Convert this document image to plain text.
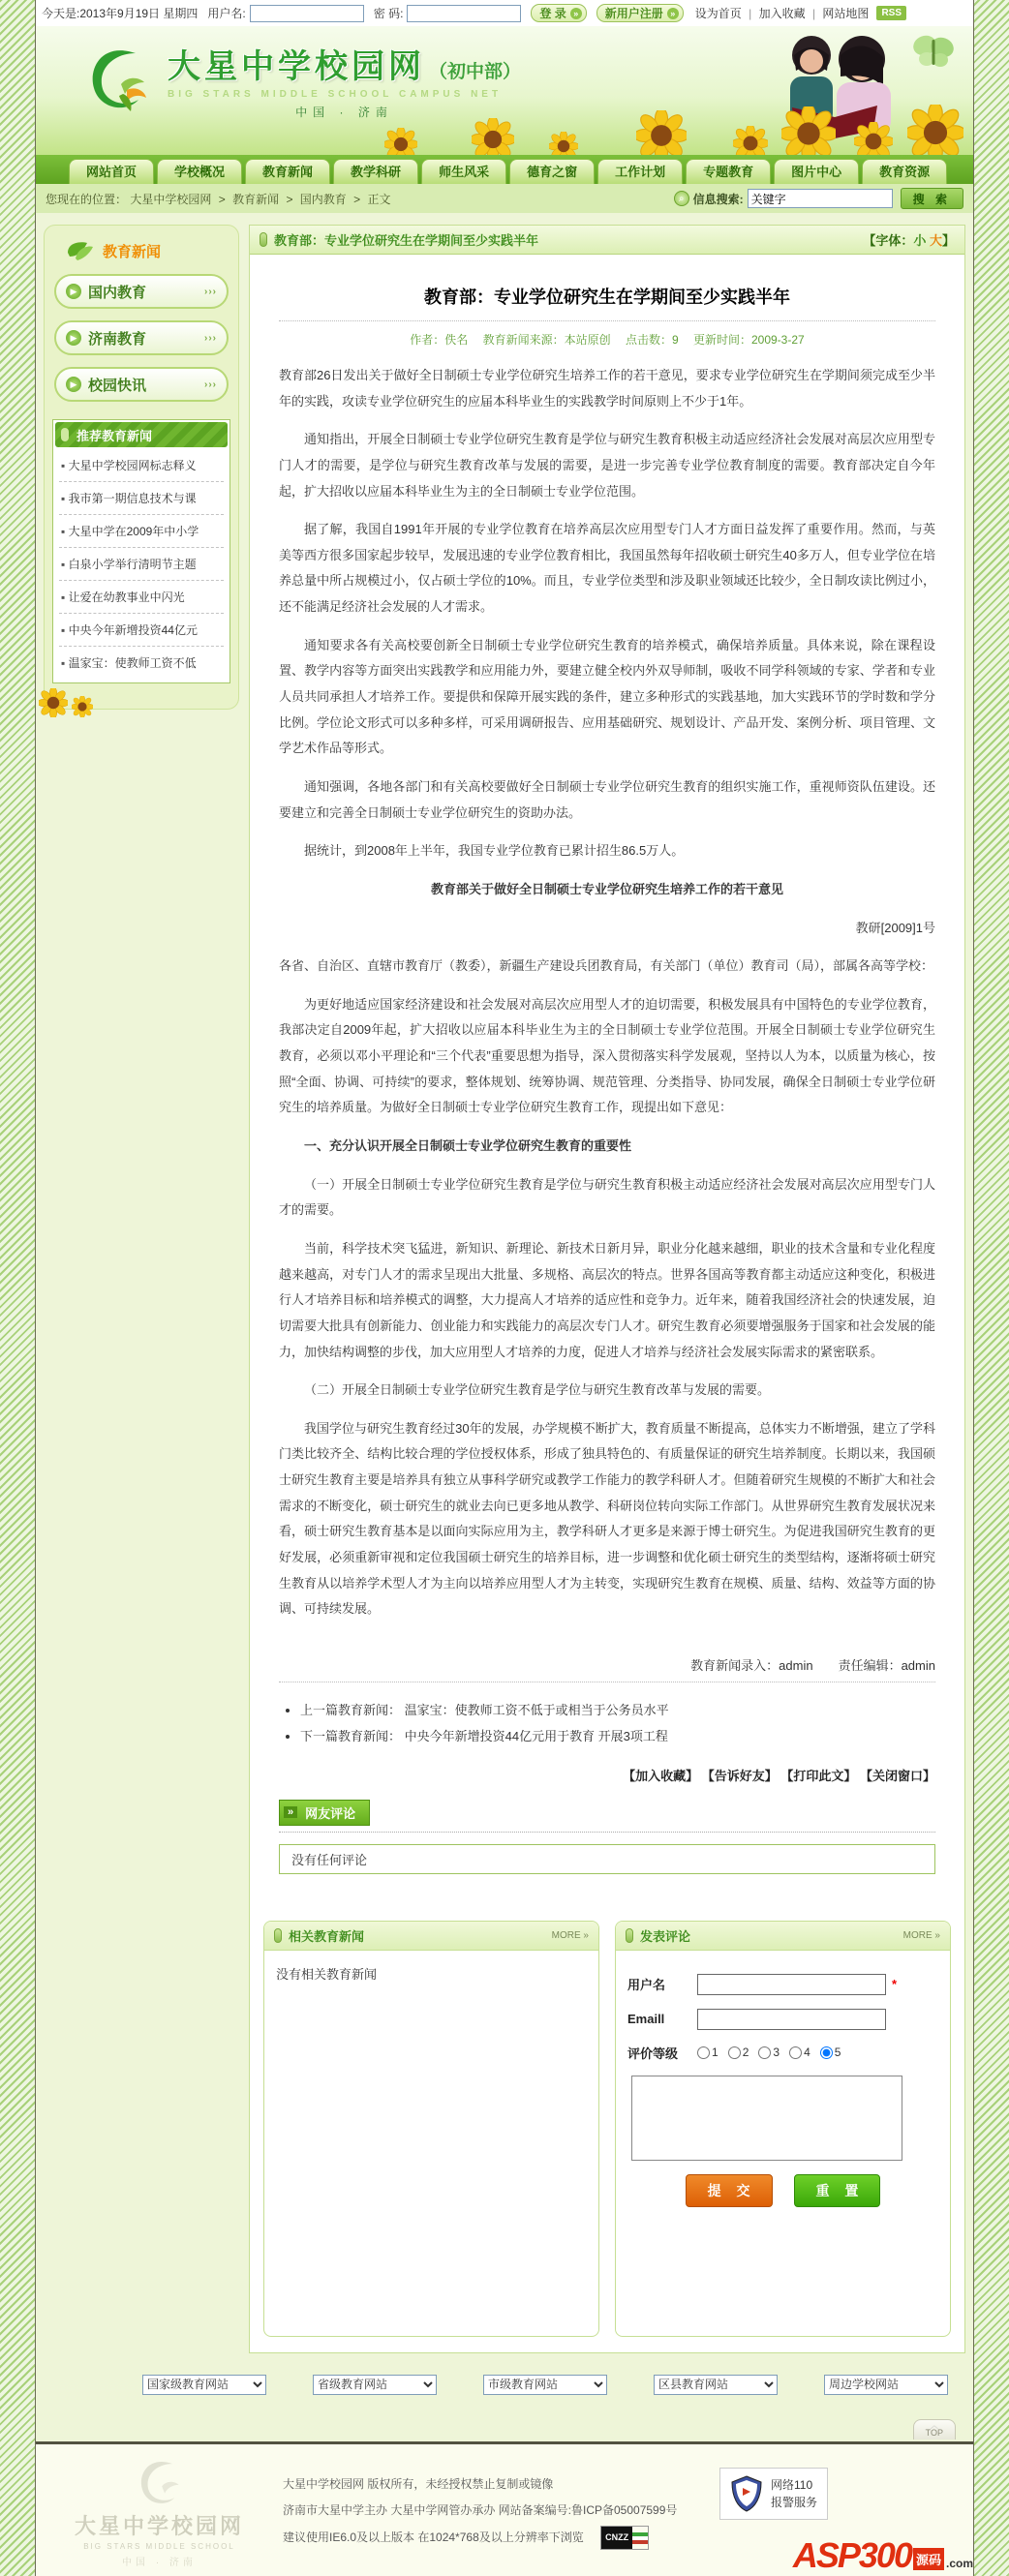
今天是:2013年9月19日 星期四 用户名:	密 码:	登 录 » 新用户注册 » 设为首页 | 加入收藏 | 网站地图	RSS
大星中学校园网 （初中部）
BIG STARS MIDDLE SCHOOL CAMPUS NET
中国 · 济南
网站首页	学校概况	教育新闻	教学科研	师生风采	德育之窗	工作计划	专题教育	图片中心	教育资源
您现在的位置： 大星中学校园网 > 教育新闻 > 国内教育 > 正文	⌕ 信息搜索:
关键字	搜 索
教育新闻
▶ 国内教育	›››
▶ 济南教育	›››
▶ 校园快讯	›››
推荐教育新闻
▪ 大星中学校园网标志释义
▪ 我市第一期信息技术与课
▪ 大星中学在2009年中小学
▪ 白泉小学举行清明节主题
▪ 让爱在幼教事业中闪光
▪ 中央今年新增投资44亿元
▪ 温家宝：使教师工资不低

教育部：专业学位研究生在学期间至少实践半年	【字体：小 大】
教育部：专业学位研究生在学期间至少实践半年
作者：佚名　 教育新闻来源：本站原创　 点击数：9 　更新时间：2009-3-27

教育部26日发出关于做好全日制硕士专业学位研究生培养工作的若干意见，要求专业学位研究生在学期间须完成至少半年的实践，攻读专业学位研究生的应届本科毕业生的实践教学时间原则上不少于1年。

通知指出，开展全日制硕士专业学位研究生教育是学位与研究生教育积极主动适应经济社会发展对高层次应用型专门人才的需要，是学位与研究生教育改革与发展的需要，是进一步完善专业学位教育制度的需要。教育部决定自今年起，扩大招收以应届本科毕业生为主的全日制硕士专业学位范围。

据了解，我国自1991年开展的专业学位教育在培养高层次应用型专门人才方面日益发挥了重要作用。然而，与英美等西方很多国家起步较早，发展迅速的专业学位教育相比，我国虽然每年招收硕士研究生40多万人，但专业学位在培养总量中所占规模过小，仅占硕士学位的10%。而且，专业学位类型和涉及职业领域还比较少，全日制攻读比例过小，还不能满足经济社会发展的人才需求。

通知要求各有关高校要创新全日制硕士专业学位研究生教育的培养模式，确保培养质量。具体来说，除在课程设置、教学内容等方面突出实践教学和应用能力外，要建立健全校内外双导师制，吸收不同学科领域的专家、学者和专业人员共同承担人才培养工作。要提供和保障开展实践的条件，建立多种形式的实践基地，加大实践环节的学时数和学分比例。学位论文形式可以多种多样，可采用调研报告、应用基础研究、规划设计、产品开发、案例分析、项目管理、文学艺术作品等形式。

通知强调，各地各部门和有关高校要做好全日制硕士专业学位研究生教育的组织实施工作，重视师资队伍建设。还要建立和完善全日制硕士专业学位研究生的资助办法。

据统计，到2008年上半年，我国专业学位教育已累计招生86.5万人。

教育部关于做好全日制硕士专业学位研究生培养工作的若干意见

教研[2009]1号

各省、自治区、直辖市教育厅（教委），新疆生产建设兵团教育局，有关部门（单位）教育司（局），部属各高等学校：

为更好地适应国家经济建设和社会发展对高层次应用型人才的迫切需要，积极发展具有中国特色的专业学位教育，我部决定自2009年起，扩大招收以应届本科毕业生为主的全日制硕士专业学位范围。开展全日制硕士专业学位研究生教育，必须以邓小平理论和“三个代表”重要思想为指导，深入贯彻落实科学发展观，坚持以人为本，以质量为核心，按照“全面、协调、可持续”的要求，整体规划、统筹协调、规范管理、分类指导、协同发展，确保全日制硕士专业学位研究生的培养质量。为做好全日制硕士专业学位研究生教育工作，现提出如下意见：

一、充分认识开展全日制硕士专业学位研究生教育的重要性

（一）开展全日制硕士专业学位研究生教育是学位与研究生教育积极主动适应经济社会发展对高层次应用型专门人才的需要。

当前，科学技术突飞猛进，新知识、新理论、新技术日新月异，职业分化越来越细，职业的技术含量和专业化程度越来越高，对专门人才的需求呈现出大批量、多规格、高层次的特点。世界各国高等教育都主动适应这种变化，积极进行人才培养目标和培养模式的调整，大力提高人才培养的适应性和竞争力。近年来，随着我国经济社会的快速发展，迫切需要大批具有创新能力、创业能力和实践能力的高层次专门人才。研究生教育必须要增强服务于国家和社会发展的能力，加快结构调整的步伐，加大应用型人才培养的力度，促进人才培养与经济社会发展实际需求的紧密联系。

（二）开展全日制硕士专业学位研究生教育是学位与研究生教育改革与发展的需要。

我国学位与研究生教育经过30年的发展，办学规模不断扩大，教育质量不断提高，总体实力不断增强，建立了学科门类比较齐全、结构比较合理的学位授权体系，形成了独具特色的、有质量保证的研究生培养制度。长期以来，我国硕士研究生教育主要是培养具有独立从事科学研究或教学工作能力的教学科研人才。但随着研究生规模的不断扩大和社会需求的不断变化，硕士研究生的就业去向已更多地从教学、科研岗位转向实际工作部门。从世界研究生教育发展状况来看，硕士研究生教育基本是以面向实际应用为主，教学科研人才更多是来源于博士研究生。为促进我国研究生教育的更好发展，必须重新审视和定位我国硕士研究生的培养目标，进一步调整和优化硕士研究生的类型结构，逐渐将硕士研究生教育从以培养学术型人才为主向以培养应用型人才为主转变，实现研究生教育在规模、质量、结构、效益等方面的协调、可持续发展。

教育新闻录入：admin　　责任编辑：admin
• 上一篇教育新闻： 温家宝：使教师工资不低于或相当于公务员水平
• 下一篇教育新闻： 中央今年新增投资44亿元用于教育 开展3项工程
【加入收藏】 【告诉好友】 【打印此文】 【关闭窗口】
» 网友评论
没有任何评论
相关教育新闻	MORE »
没有相关教育新闻
发表评论	MORE »
用户名	*
Emaill
评价等级	1 2 3 4 5
提 交	重 置
国家级教育网站
省级教育网站
市级教育网站
区县教育网站
周边学校网站
︿
TOP
大星中学校园网
BIG STARS MIDDLE SCHOOL
中国 · 济南
大星中学校园网 版权所有，未经授权禁止复制或镜像
济南市大星中学主办 大星中学网管办承办 网站备案编号:鲁ICP备05007599号
建议使用IE6.0及以上版本 在1024*768及以上分辨率下浏览	CNZZ
网络110
报警服务
ASP300 源码 .com
